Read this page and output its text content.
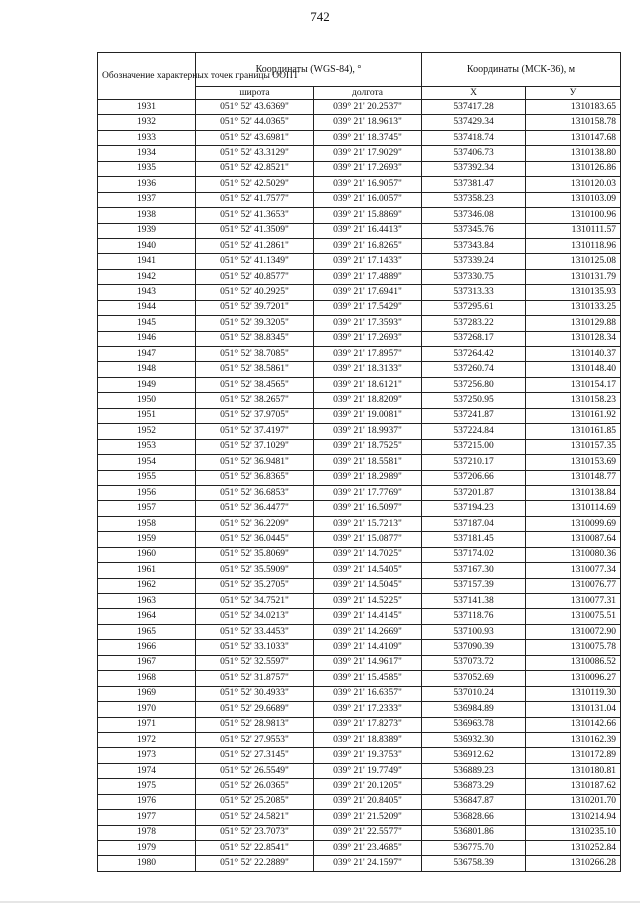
742
Обозначение характерных точек границы ООПТ	Координаты (WGS-84), °		Координаты (МСК-36), м	
	широта	долгота	X	У
1931	051° 52' 43.6369"	039° 21' 20.2537"	537417.28	1310183.65
1932	051° 52' 44.0365"	039° 21' 18.9613"	537429.34	1310158.78
1933	051° 52' 43.6981"	039° 21' 18.3745"	537418.74	1310147.68
1934	051° 52' 43.3129"	039° 21' 17.9029"	537406.73	1310138.80
1935	051° 52' 42.8521"	039° 21' 17.2693"	537392.34	1310126.86
1936	051° 52' 42.5029"	039° 21' 16.9057"	537381.47	1310120.03
1937	051° 52' 41.7577"	039° 21' 16.0057"	537358.23	1310103.09
1938	051° 52' 41.3653"	039° 21' 15.8869"	537346.08	1310100.96
1939	051° 52' 41.3509"	039° 21' 16.4413"	537345.76	1310111.57
1940	051° 52' 41.2861"	039° 21' 16.8265"	537343.84	1310118.96
1941	051° 52' 41.1349"	039° 21' 17.1433"	537339.24	1310125.08
1942	051° 52' 40.8577"	039° 21' 17.4889"	537330.75	1310131.79
1943	051° 52' 40.2925"	039° 21' 17.6941"	537313.33	1310135.93
1944	051° 52' 39.7201"	039° 21' 17.5429"	537295.61	1310133.25
1945	051° 52' 39.3205"	039° 21' 17.3593"	537283.22	1310129.88
1946	051° 52' 38.8345"	039° 21' 17.2693"	537268.17	1310128.34
1947	051° 52' 38.7085"	039° 21' 17.8957"	537264.42	1310140.37
1948	051° 52' 38.5861"	039° 21' 18.3133"	537260.74	1310148.40
1949	051° 52' 38.4565"	039° 21' 18.6121"	537256.80	1310154.17
1950	051° 52' 38.2657"	039° 21' 18.8209"	537250.95	1310158.23
1951	051° 52' 37.9705"	039° 21' 19.0081"	537241.87	1310161.92
1952	051° 52' 37.4197"	039° 21' 18.9937"	537224.84	1310161.85
1953	051° 52' 37.1029"	039° 21' 18.7525"	537215.00	1310157.35
1954	051° 52' 36.9481"	039° 21' 18.5581"	537210.17	1310153.69
1955	051° 52' 36.8365"	039° 21' 18.2989"	537206.66	1310148.77
1956	051° 52' 36.6853"	039° 21' 17.7769"	537201.87	1310138.84
1957	051° 52' 36.4477"	039° 21' 16.5097"	537194.23	1310114.69
1958	051° 52' 36.2209"	039° 21' 15.7213"	537187.04	1310099.69
1959	051° 52' 36.0445"	039° 21' 15.0877"	537181.45	1310087.64
1960	051° 52' 35.8069"	039° 21' 14.7025"	537174.02	1310080.36
1961	051° 52' 35.5909"	039° 21' 14.5405"	537167.30	1310077.34
1962	051° 52' 35.2705"	039° 21' 14.5045"	537157.39	1310076.77
1963	051° 52' 34.7521"	039° 21' 14.5225"	537141.38	1310077.31
1964	051° 52' 34.0213"	039° 21' 14.4145"	537118.76	1310075.51
1965	051° 52' 33.4453"	039° 21' 14.2669"	537100.93	1310072.90
1966	051° 52' 33.1033"	039° 21' 14.4109"	537090.39	1310075.78
1967	051° 52' 32.5597"	039° 21' 14.9617"	537073.72	1310086.52
1968	051° 52' 31.8757"	039° 21' 15.4585"	537052.69	1310096.27
1969	051° 52' 30.4933"	039° 21' 16.6357"	537010.24	1310119.30
1970	051° 52' 29.6689"	039° 21' 17.2333"	536984.89	1310131.04
1971	051° 52' 28.9813"	039° 21' 17.8273"	536963.78	1310142.66
1972	051° 52' 27.9553"	039° 21' 18.8389"	536932.30	1310162.39
1973	051° 52' 27.3145"	039° 21' 19.3753"	536912.62	1310172.89
1974	051° 52' 26.5549"	039° 21' 19.7749"	536889.23	1310180.81
1975	051° 52' 26.0365"	039° 21' 20.1205"	536873.29	1310187.62
1976	051° 52' 25.2085"	039° 21' 20.8405"	536847.87	1310201.70
1977	051° 52' 24.5821"	039° 21' 21.5209"	536828.66	1310214.94
1978	051° 52' 23.7073"	039° 21' 22.5577"	536801.86	1310235.10
1979	051° 52' 22.8541"	039° 21' 23.4685"	536775.70	1310252.84
1980	051° 52' 22.2889"	039° 21' 24.1597"	536758.39	1310266.28
